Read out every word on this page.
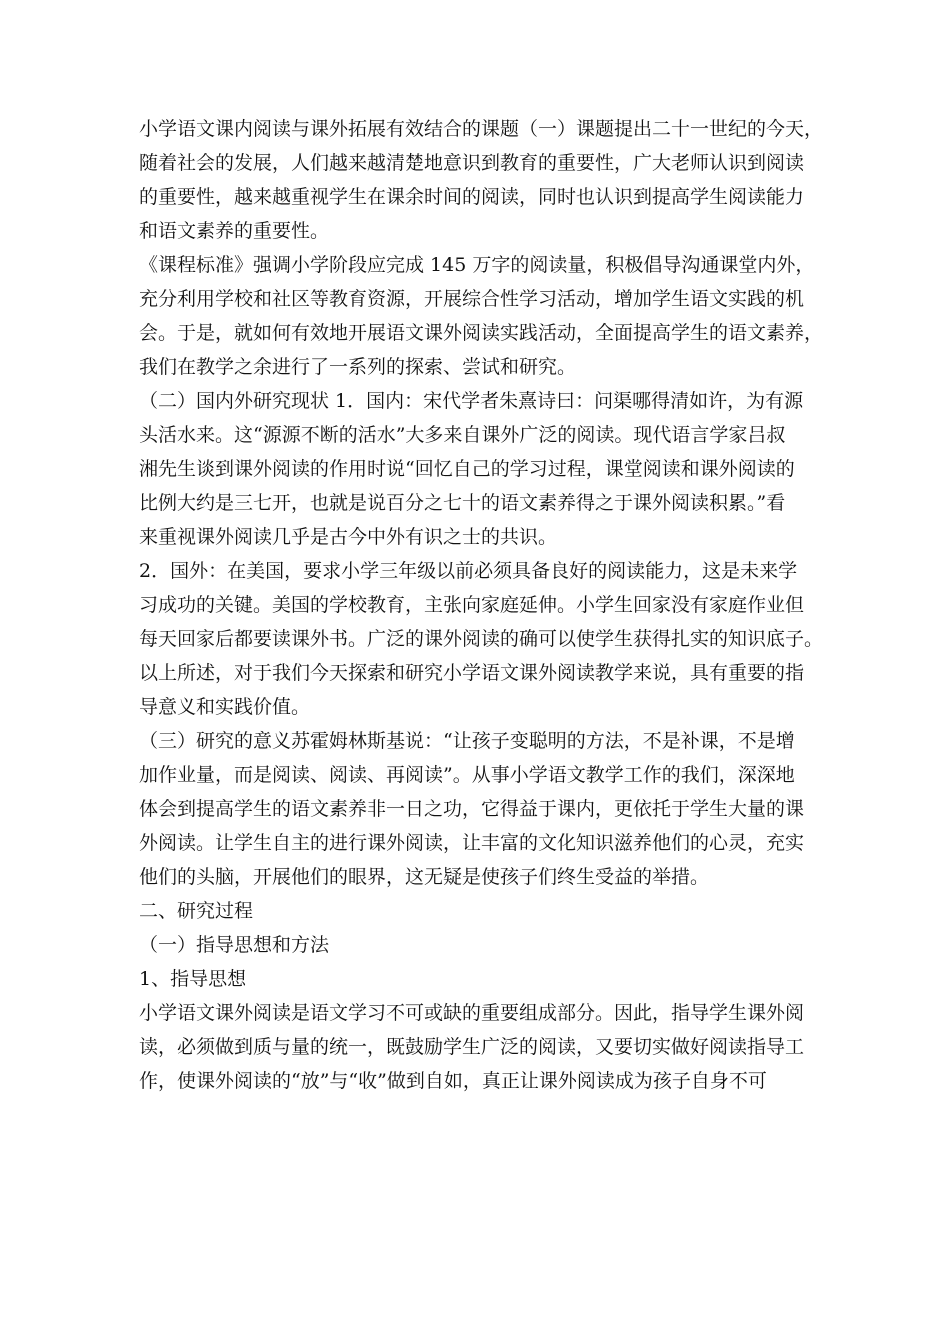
小学语文课内阅读与课外拓展有效结合的课题（一）课题提出二十一世纪的今天，
随着社会的发展，人们越来越清楚地意识到教育的重要性，广大老师认识到阅读
的重要性，越来越重视学生在课余时间的阅读，同时也认识到提高学生阅读能力
和语文素养的重要性。
《课程标准》强调小学阶段应完成 145 万字的阅读量，积极倡导沟通课堂内外，
充分利用学校和社区等教育资源，开展综合性学习活动，增加学生语文实践的机
会。于是，就如何有效地开展语文课外阅读实践活动，全面提高学生的语文素养，
我们在教学之余进行了一系列的探索、尝试和研究。
（二）国内外研究现状 1．国内：宋代学者朱熹诗曰：问渠哪得清如许，为有源
头活水来。这“源源不断的活水”大多来自课外广泛的阅读。现代语言学家吕叔
湘先生谈到课外阅读的作用时说“回忆自己的学习过程，课堂阅读和课外阅读的
比例大约是三七开，也就是说百分之七十的语文素养得之于课外阅读积累。”看
来重视课外阅读几乎是古今中外有识之士的共识。
2．国外：在美国，要求小学三年级以前必须具备良好的阅读能力，这是未来学
习成功的关键。美国的学校教育，主张向家庭延伸。小学生回家没有家庭作业但
每天回家后都要读课外书。广泛的课外阅读的确可以使学生获得扎实的知识底子。
以上所述，对于我们今天探索和研究小学语文课外阅读教学来说，具有重要的指
导意义和实践价值。
（三）研究的意义苏霍姆林斯基说：“让孩子变聪明的方法，不是补课，不是增
加作业量，而是阅读、阅读、再阅读”。从事小学语文教学工作的我们，深深地
体会到提高学生的语文素养非一日之功，它得益于课内，更依托于学生大量的课
外阅读。让学生自主的进行课外阅读，让丰富的文化知识滋养他们的心灵，充实
他们的头脑，开展他们的眼界，这无疑是使孩子们终生受益的举措。
二、研究过程
（一）指导思想和方法
1、指导思想
小学语文课外阅读是语文学习不可或缺的重要组成部分。因此，指导学生课外阅
读，必须做到质与量的统一，既鼓励学生广泛的阅读，又要切实做好阅读指导工
作，使课外阅读的“放”与“收”做到自如，真正让课外阅读成为孩子自身不可
